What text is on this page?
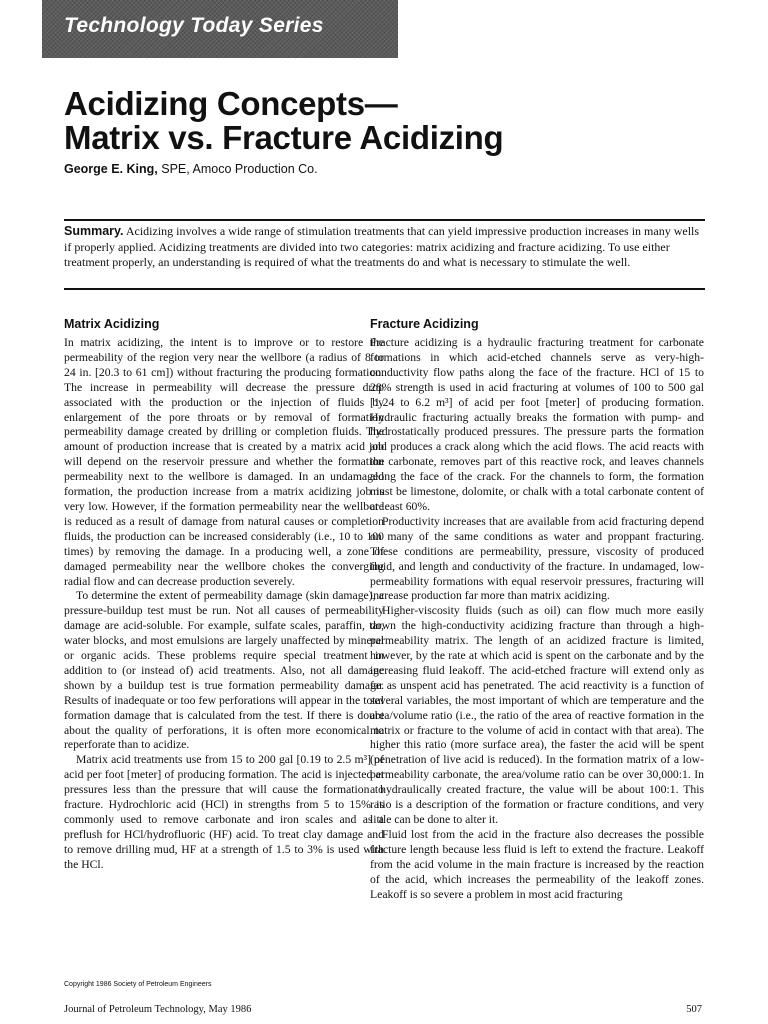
Technology Today Series
Acidizing Concepts—
Matrix vs. Fracture Acidizing
George E. King, SPE, Amoco Production Co.
Summary. Acidizing involves a wide range of stimulation treatments that can yield impressive production increases in many wells if properly applied. Acidizing treatments are divided into two categories: matrix acidizing and fracture acidizing. To use either treatment properly, an understanding is required of what the treatments do and what is necessary to stimulate the well.
Matrix Acidizing

In matrix acidizing, the intent is to improve or to restore the permeability of the region very near the wellbore (a radius of 8 to 24 in. [20.3 to 61 cm]) without fracturing the producing formation. The increase in permeability will decrease the pressure drop associated with the production or the injection of fluids by enlargement of the pore throats or by removal of formation permeability damage created by drilling or completion fluids. The amount of production increase that is created by a matrix acid job will depend on the reservoir pressure and whether the formation permeability next to the wellbore is damaged. In an undamaged formation, the production increase from a matrix acidizing job is very low. However, if the formation permeability near the wellbore is reduced as a result of damage from natural causes or completion fluids, the production can be increased considerably (i.e., 10 to 100 times) by removing the damage. In a producing well, a zone of damaged permeability near the wellbore chokes the converging radial flow and can decrease production severely.

To determine the extent of permeability damage (skin damage), a pressure-buildup test must be run. Not all causes of permeability damage are acid-soluble. For example, sulfate scales, paraffin, tar, water blocks, and most emulsions are largely unaffected by mineral or organic acids. These problems require special treatment in addition to (or instead of) acid treatments. Also, not all damage shown by a buildup test is true formation permeability damage. Results of inadequate or too few perforations will appear in the total formation damage that is calculated from the test. If there is doubt about the quality of perforations, it is often more economical to reperforate than to acidize.

Matrix acid treatments use from 15 to 200 gal [0.19 to 2.5 m³] of acid per foot [meter] of producing formation. The acid is injected at pressures less than the pressure that will cause the formation to fracture. Hydrochloric acid (HCl) in strengths from 5 to 15% is commonly used to remove carbonate and iron scales and as a preflush for HCl/hydrofluoric (HF) acid. To treat clay damage and to remove drilling mud, HF at a strength of 1.5 to 3% is used with the HCl.

Fracture Acidizing

Fracture acidizing is a hydraulic fracturing treatment for carbonate formations in which acid-etched channels serve as very-high-conductivity flow paths along the face of the fracture. HCl of 15 to 28% strength is used in acid fracturing at volumes of 100 to 500 gal [1.24 to 6.2 m³] of acid per foot [meter] of producing formation. Hydraulic fracturing actually breaks the formation with pump- and hydrostatically produced pressures. The pressure parts the formation and produces a crack along which the acid flows. The acid reacts with the carbonate, removes part of this reactive rock, and leaves channels along the face of the crack. For the channels to form, the formation must be limestone, dolomite, or chalk with a total carbonate content of at least 60%.

Productivity increases that are available from acid fracturing depend on many of the same conditions as water and proppant fracturing. These conditions are permeability, pressure, viscosity of produced fluid, and length and conductivity of the fracture. In undamaged, low-permeability formations with equal reservoir pressures, fracturing will increase production far more than matrix acidizing.

Higher-viscosity fluids (such as oil) can flow much more easily down the high-conductivity acidizing fracture than through a high-permeability matrix. The length of an acidized fracture is limited, however, by the rate at which acid is spent on the carbonate and by the increasing fluid leakoff. The acid-etched fracture will extend only as far as unspent acid has penetrated. The acid reactivity is a function of several variables, the most important of which are temperature and the area/volume ratio (i.e., the ratio of the area of reactive formation in the matrix or fracture to the volume of acid in contact with that area). The higher this ratio (more surface area), the faster the acid will be spent (penetration of live acid is reduced). In the formation matrix of a low-permeability carbonate, the area/volume ratio can be over 30,000:1. In a hydraulically created fracture, the value will be about 100:1. This ratio is a description of the formation or fracture conditions, and very little can be done to alter it.

Fluid lost from the acid in the fracture also decreases the possible fracture length because less fluid is left to extend the fracture. Leakoff from the acid volume in the main fracture is increased by the reaction of the acid, which increases the permeability of the leakoff zones. Leakoff is so severe a problem in most acid fracturing

Copyright 1986 Society of Petroleum Engineers
Journal of Petroleum Technology, May 1986	507
